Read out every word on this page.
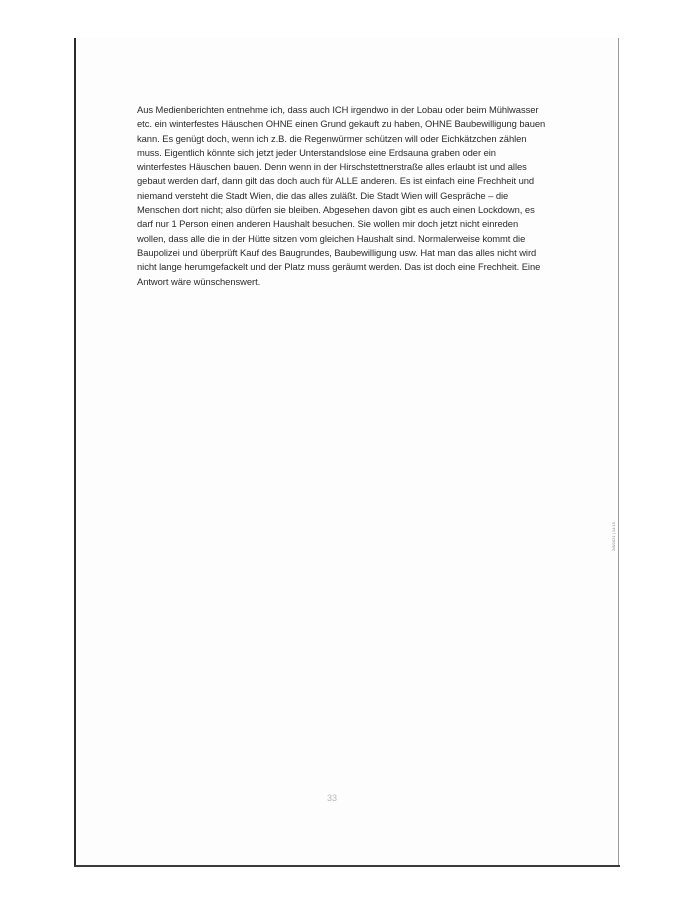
Aus Medienberichten entnehme ich, dass auch ICH irgendwo in der Lobau oder beim Mühlwasser etc. ein winterfestes Häuschen OHNE einen Grund gekauft zu haben, OHNE Baubewilligung bauen kann. Es genügt doch, wenn ich z.B. die Regenwürmer schützen will oder Eichkätzchen zählen muss. Eigentlich könnte sich jetzt jeder Unterstandslose eine Erdsauna graben oder ein winterfestes Häuschen bauen. Denn wenn in der Hirschstettnerstraße alles erlaubt ist und alles gebaut werden darf, dann gilt das doch auch für ALLE anderen. Es ist einfach eine Frechheit und niemand versteht die Stadt Wien, die das alles zuläßt. Die Stadt Wien will Gespräche – die Menschen dort nicht; also dürfen sie bleiben. Abgesehen davon gibt es auch einen Lockdown, es darf nur 1 Person einen anderen Haushalt besuchen. Sie wollen mir doch jetzt nicht einreden wollen, dass alle die in der Hütte sitzen vom gleichen Haushalt sind. Normalerweise kommt die Baupolizei und überprüft Kauf des Baugrundes, Baubewilligung usw. Hat man das alles nicht wird nicht lange herumgefackelt und der Platz muss geräumt werden. Das ist doch eine Frechheit. Eine Antwort wäre wünschenswert.

33
2/8/2021 | 14:15
